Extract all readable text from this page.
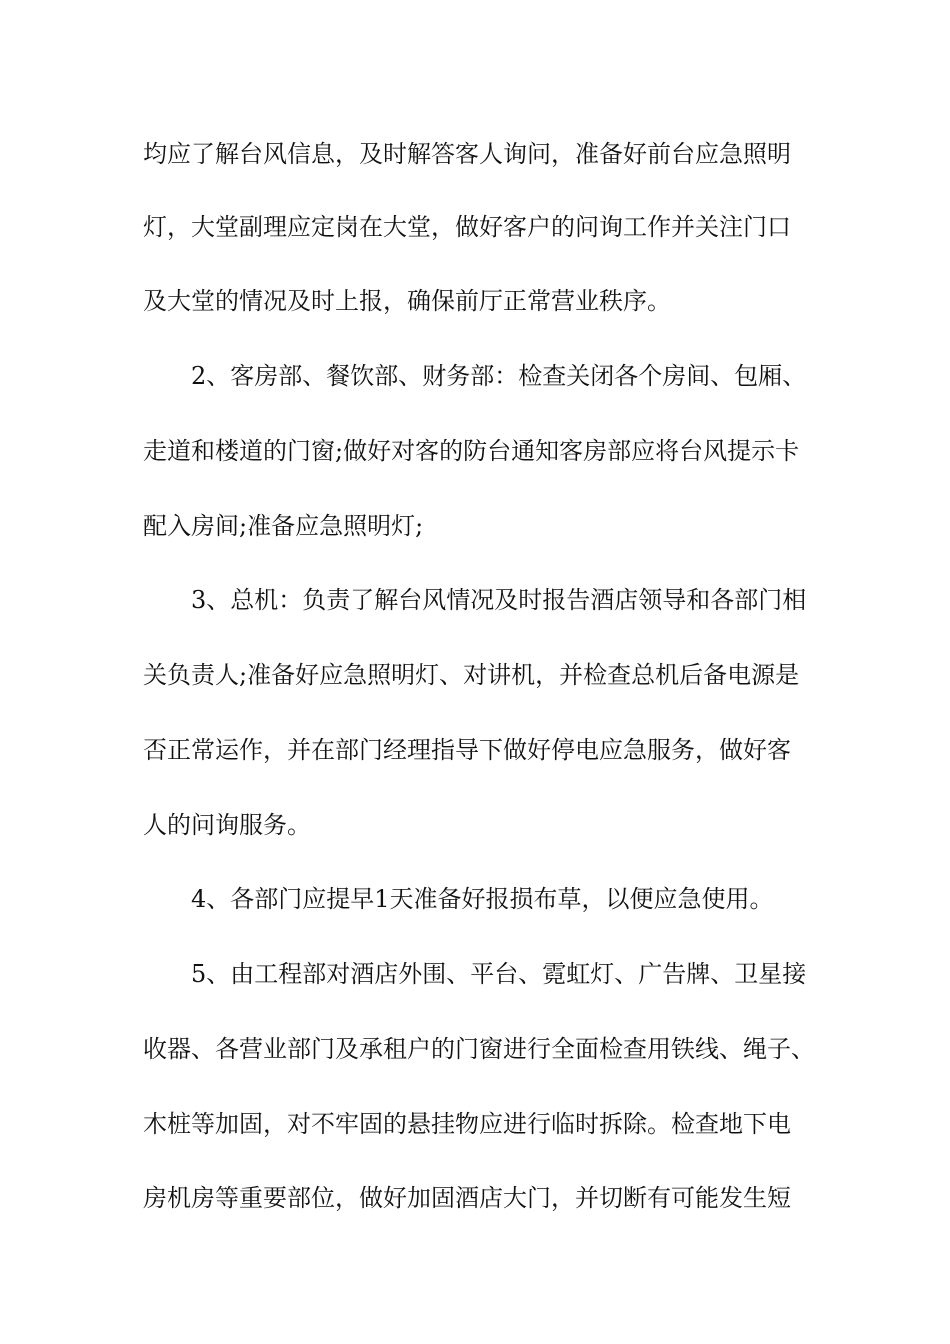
均应了解台风信息，及时解答客人询问，准备好前台应急照明
灯，大堂副理应定岗在大堂，做好客户的问询工作并关注门口
及大堂的情况及时上报，确保前厅正常营业秩序。
2、客房部、餐饮部、财务部：检查关闭各个房间、包厢、
走道和楼道的门窗;做好对客的防台通知客房部应将台风提示卡
配入房间;准备应急照明灯;
3、总机：负责了解台风情况及时报告酒店领导和各部门相
关负责人;准备好应急照明灯、对讲机，并检查总机后备电源是
否正常运作，并在部门经理指导下做好停电应急服务，做好客
人的问询服务。
4、各部门应提早1天准备好报损布草，以便应急使用。
5、由工程部对酒店外围、平台、霓虹灯、广告牌、卫星接
收器、各营业部门及承租户的门窗进行全面检查用铁线、绳子、
木桩等加固，对不牢固的悬挂物应进行临时拆除。检查地下电
房机房等重要部位，做好加固酒店大门，并切断有可能发生短
